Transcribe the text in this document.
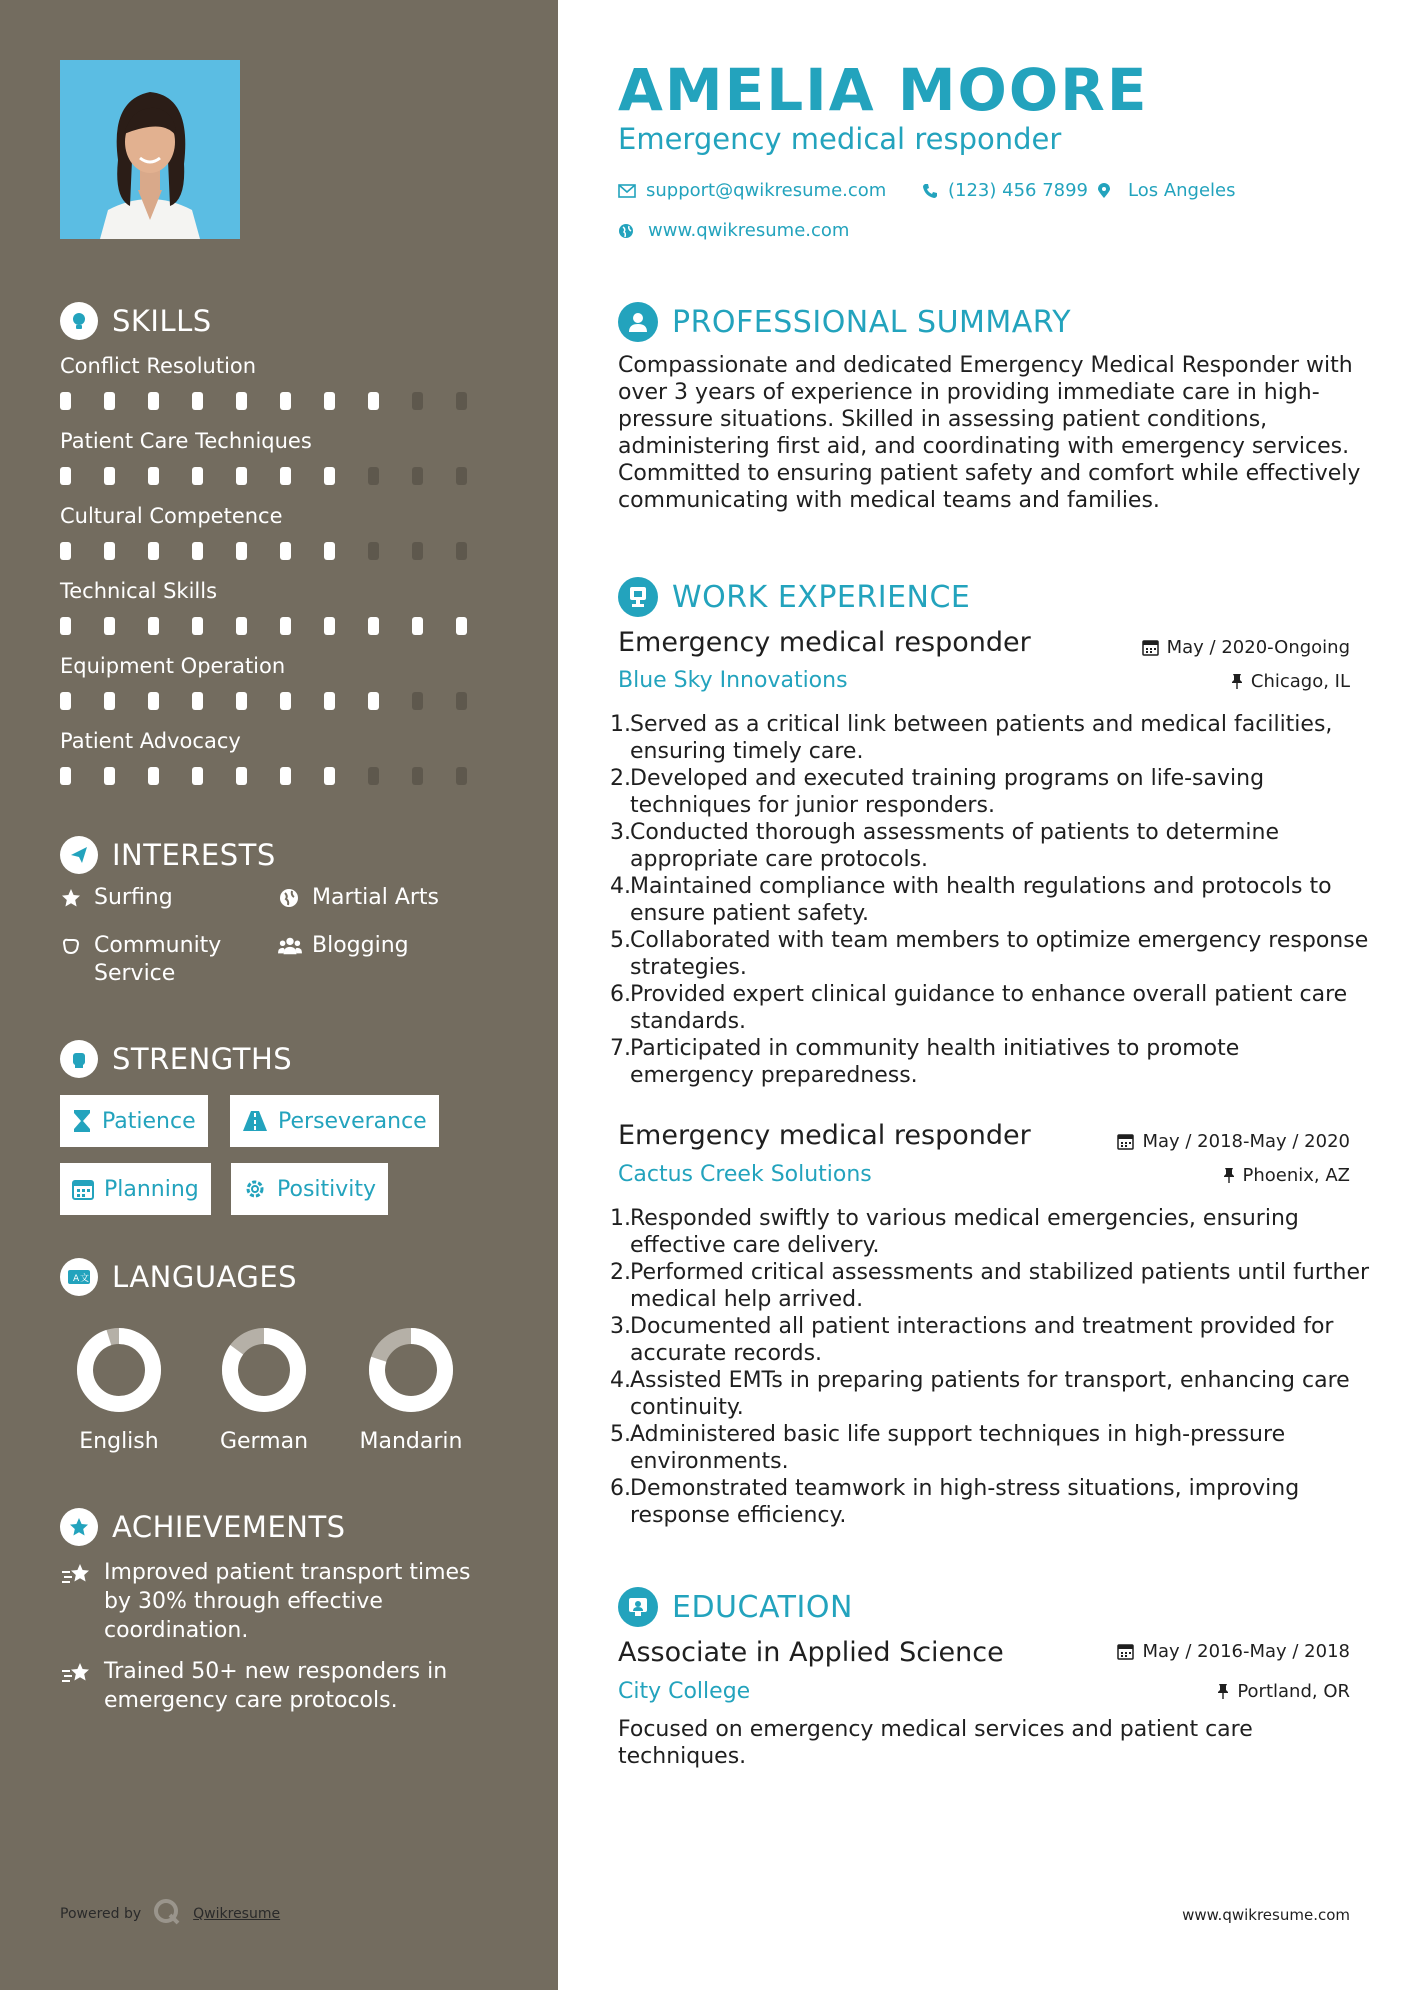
SKILLS
Conflict Resolution
Patient Care Techniques
Cultural Competence
Technical Skills
Equipment Operation
Patient Advocacy
INTERESTS
Surfing	Martial Arts
Community Service
Blogging
STRENGTHS
Patience	Perseverance
Planning	Positivity
A 文 LANGUAGES
English	German	Mandarin
ACHIEVEMENTS
Improved patient transport times by 30% through effective coordination.
Trained 50+ new responders in emergency care protocols.
Powered by	Qwikresume
AMELIA MOORE
Emergency medical responder
support@qwikresume.com	(123) 456 7899 Los Angeles
www.qwikresume.com
PROFESSIONAL SUMMARY
Compassionate and dedicated Emergency Medical Responder with over 3 years of experience in providing immediate care in high-pressure situations. Skilled in assessing patient conditions, administering first aid, and coordinating with emergency services. Committed to ensuring patient safety and comfort while effectively communicating with medical teams and families.
WORK EXPERIENCE
Emergency medical responder	May / 2020-Ongoing
Blue Sky Innovations	Chicago, IL
1. Served as a critical link between patients and medical facilities, ensuring timely care.
2. Developed and executed training programs on life-saving techniques for junior responders.
3. Conducted thorough assessments of patients to determine appropriate care protocols.
4. Maintained compliance with health regulations and protocols to ensure patient safety.
5. Collaborated with team members to optimize emergency response strategies.
6. Provided expert clinical guidance to enhance overall patient care standards.
7. Participated in community health initiatives to promote emergency preparedness.
Emergency medical responder	May / 2018-May / 2020
Cactus Creek Solutions	Phoenix, AZ
1. Responded swiftly to various medical emergencies, ensuring effective care delivery.
2. Performed critical assessments and stabilized patients until further medical help arrived.
3. Documented all patient interactions and treatment provided for accurate records.
4. Assisted EMTs in preparing patients for transport, enhancing care continuity.
5. Administered basic life support techniques in high-pressure environments.
6. Demonstrated teamwork in high-stress situations, improving response efficiency.
EDUCATION
Associate in Applied Science	May / 2016-May / 2018
City College	Portland, OR
Focused on emergency medical services and patient care techniques.
www.qwikresume.com
